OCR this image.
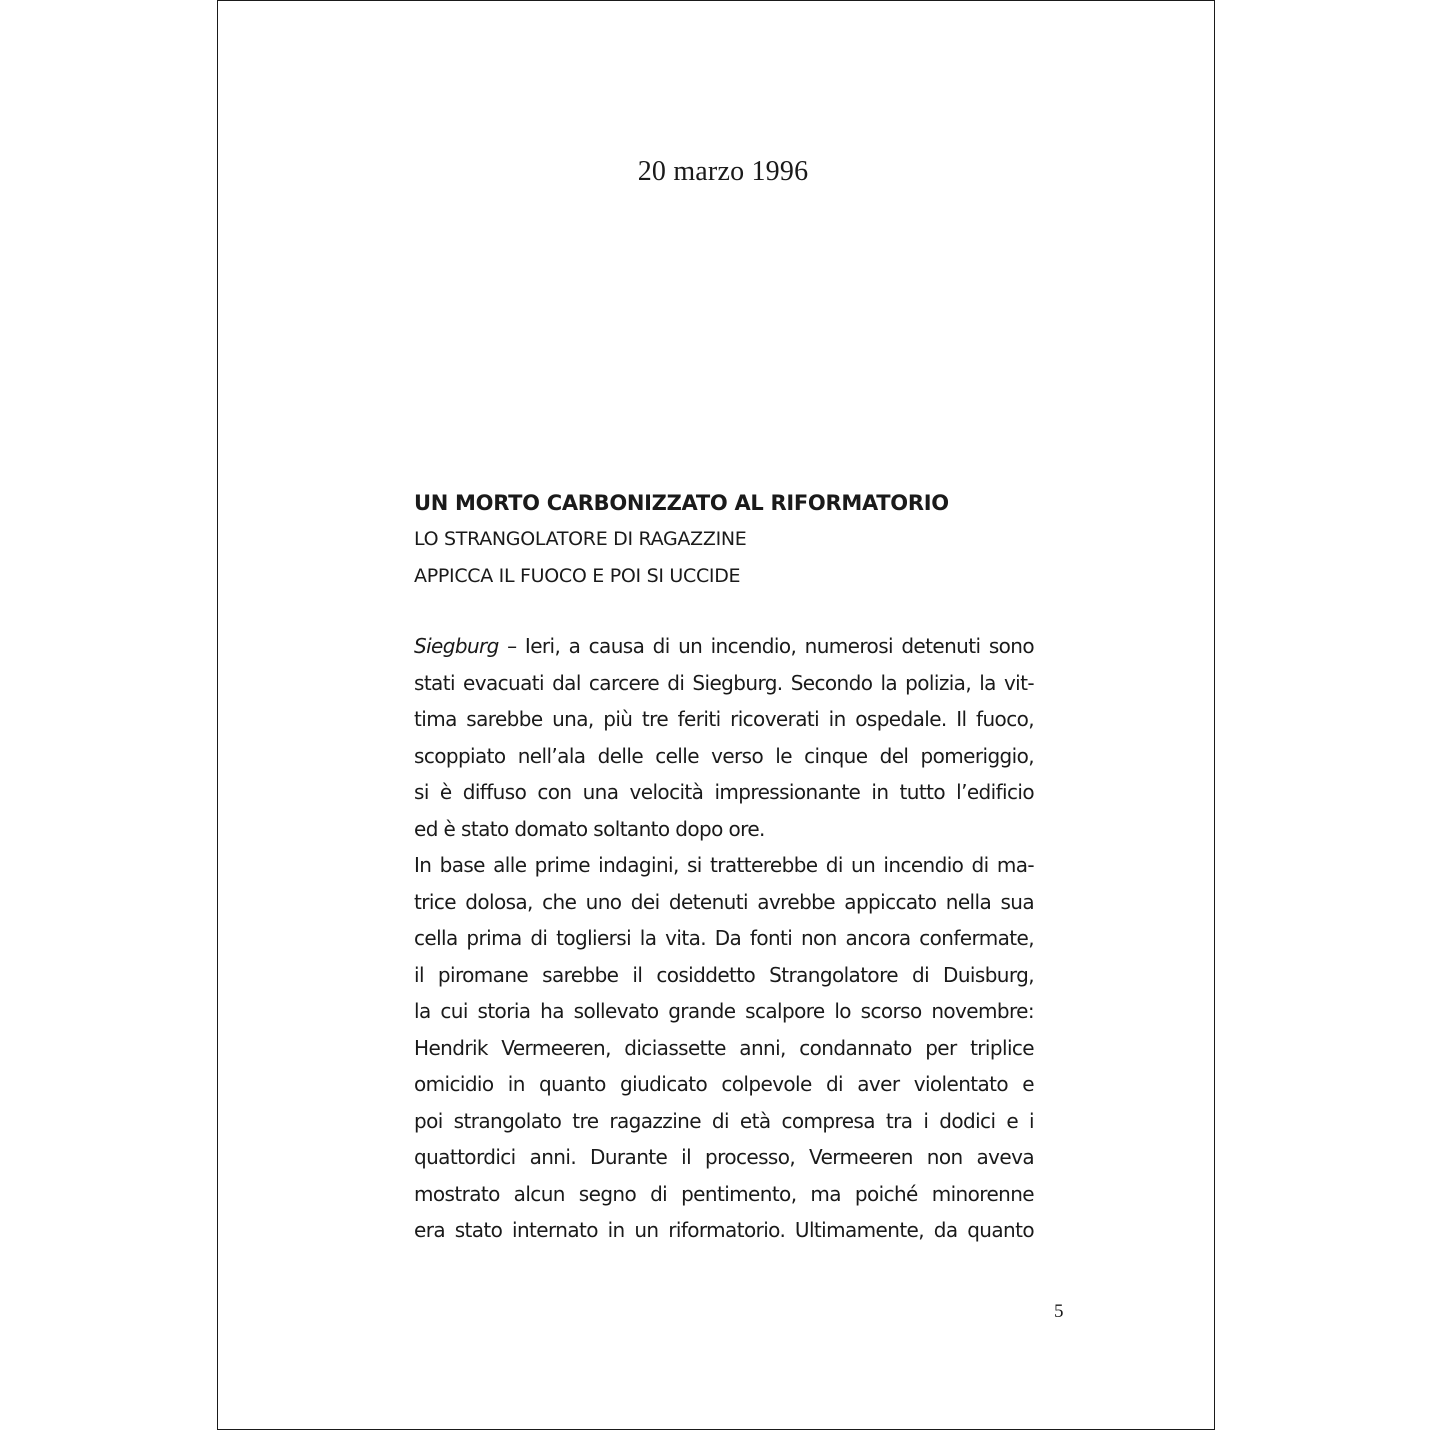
20 marzo 1996

UN MORTO CARBONIZZATO AL RIFORMATORIO

LO STRANGOLATORE DI RAGAZZINE

APPICCA IL FUOCO E POI SI UCCIDE

Siegburg – Ieri, a causa di un incendio, numerosi detenuti sono
stati evacuati dal carcere di Siegburg. Secondo la polizia, la vit-
tima sarebbe una, più tre feriti ricoverati in ospedale. Il fuoco,
scoppiato nell’ala delle celle verso le cinque del pomeriggio,
si è diffuso con una velocità impressionante in tutto l’edificio
ed è stato domato soltanto dopo ore.
In base alle prime indagini, si tratterebbe di un incendio di ma-
trice dolosa, che uno dei detenuti avrebbe appiccato nella sua
cella prima di togliersi la vita. Da fonti non ancora confermate,
il piromane sarebbe il cosiddetto Strangolatore di Duisburg,
la cui storia ha sollevato grande scalpore lo scorso novembre:
Hendrik Vermeeren, diciassette anni, condannato per triplice
omicidio in quanto giudicato colpevole di aver violentato e
poi strangolato tre ragazzine di età compresa tra i dodici e i
quattordici anni. Durante il processo, Vermeeren non aveva
mostrato alcun segno di pentimento, ma poiché minorenne
era stato internato in un riformatorio. Ultimamente, da quanto
5
